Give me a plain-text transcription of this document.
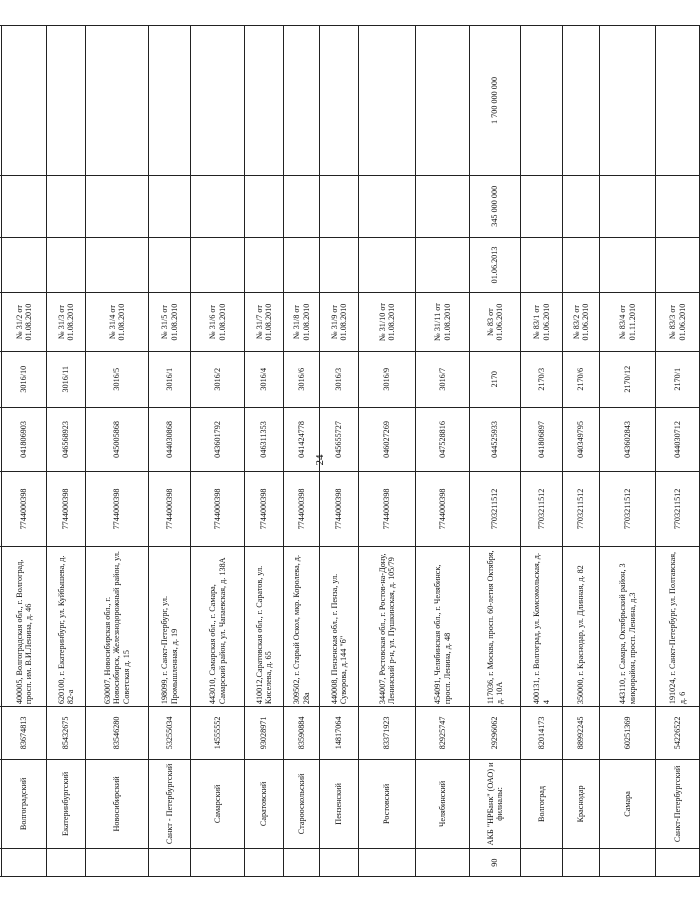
24

	Волгоградский	83674813	400005, Волгоградская обл., г. Волгоград, просп. им. В.И.Ленина, д. 46	7744000398	041806903	3016/10	№ 31/2 от 01.08.2010			
	Екатеринбургский	85432675	620100, г. Екатеринбург, ул. Куйбышева, д. 82-а	7744000398	046568923	3016/11	№ 31/3 от 01.08.2010			
	Новосибирский	83546280	630007, Новосибирская обл., г. Новосибирск, Железнодорожный район, ул. Советская д. 15	7744000398	045005868	3016/5	№ 31/4 от 01.08.2010			
	Санкт - Петербургский	53255034	198099, г. Санкт-Петербург, ул. Промышленная, д. 19	7744000398	044030868	3016/1	№ 31/5 от 01.08.2010			
	Самарский	14555552	443010, Самарская обл., г. Самара, Самарский район, ул. Чапаевская, д. 138А	7744000398	043601792	3016/2	№ 31/6 от 01.08.2010			
	Саратовский	93028971	410012,Саратовская обл., г. Саратов, ул. Киселева, д. 65	7744000398	046311353	3016/4	№ 31/7 от 01.08.2010			
	Старооскольский	83590884	309502, г. Старый Оскол, мкр. Королева, д. 28а	7744000398	041424778	3016/6	№ 31/8 от 01.08.2010			
	Пензенский	14817064	440008, Пензенская обл., г. Пенза, ул. Суворова, д.144 "б"	7744000398	045655727	3016/3	№ 31/9 от 01.08.2010			
	Ростовский	83371923	344007, Ростовская обл., г. Ростов-на-Дону, Ленинский р-н, ул. Пушкинская, д. 105/79	7744000398	046027269	3016/9	№ 31/10 от 01.08.2010			
	Челябинский	82925747	454091, Челябинская обл., г. Челябинск, просп. Ленина, д. 48	7744000398	047528816	3016/7	№ 31/11 от 01.08.2010			
90	АКБ "НРБанк" (ОАО) и филиалы:	29296062	117036, г. Москва, просп. 60-летия Октября, д. 10А	7703211512	044525933	2170	№ 83 от 01.06.2010	01.06.2013	345 000 000	1 700 000 000
	Волгоград	82014173	400131, г. Волгоград, ул. Комсомольская, д. 4	7703211512	041806897	2170/3	№ 83/1 от 01.06.2010			
	Краснодар	88992245	350000, г. Краснодар, ул. Длинная, д. 82	7703211512	040349795	2170/6	№ 83/2 от 01.06.2010			
	Самара	60251369	443110, г. Самара, Октябрьский район, 3 микрорайон, просп. Ленина, д.3	7703211512	043602843	2170/12	№ 83/4 от 01.11.2010			
	Санкт-Петербургский	54226522	191024, г. Санкт-Петербург, ул. Полтавская, д. 6	7703211512	044030712	2170/1	№ 83/3 от 01.06.2010			
